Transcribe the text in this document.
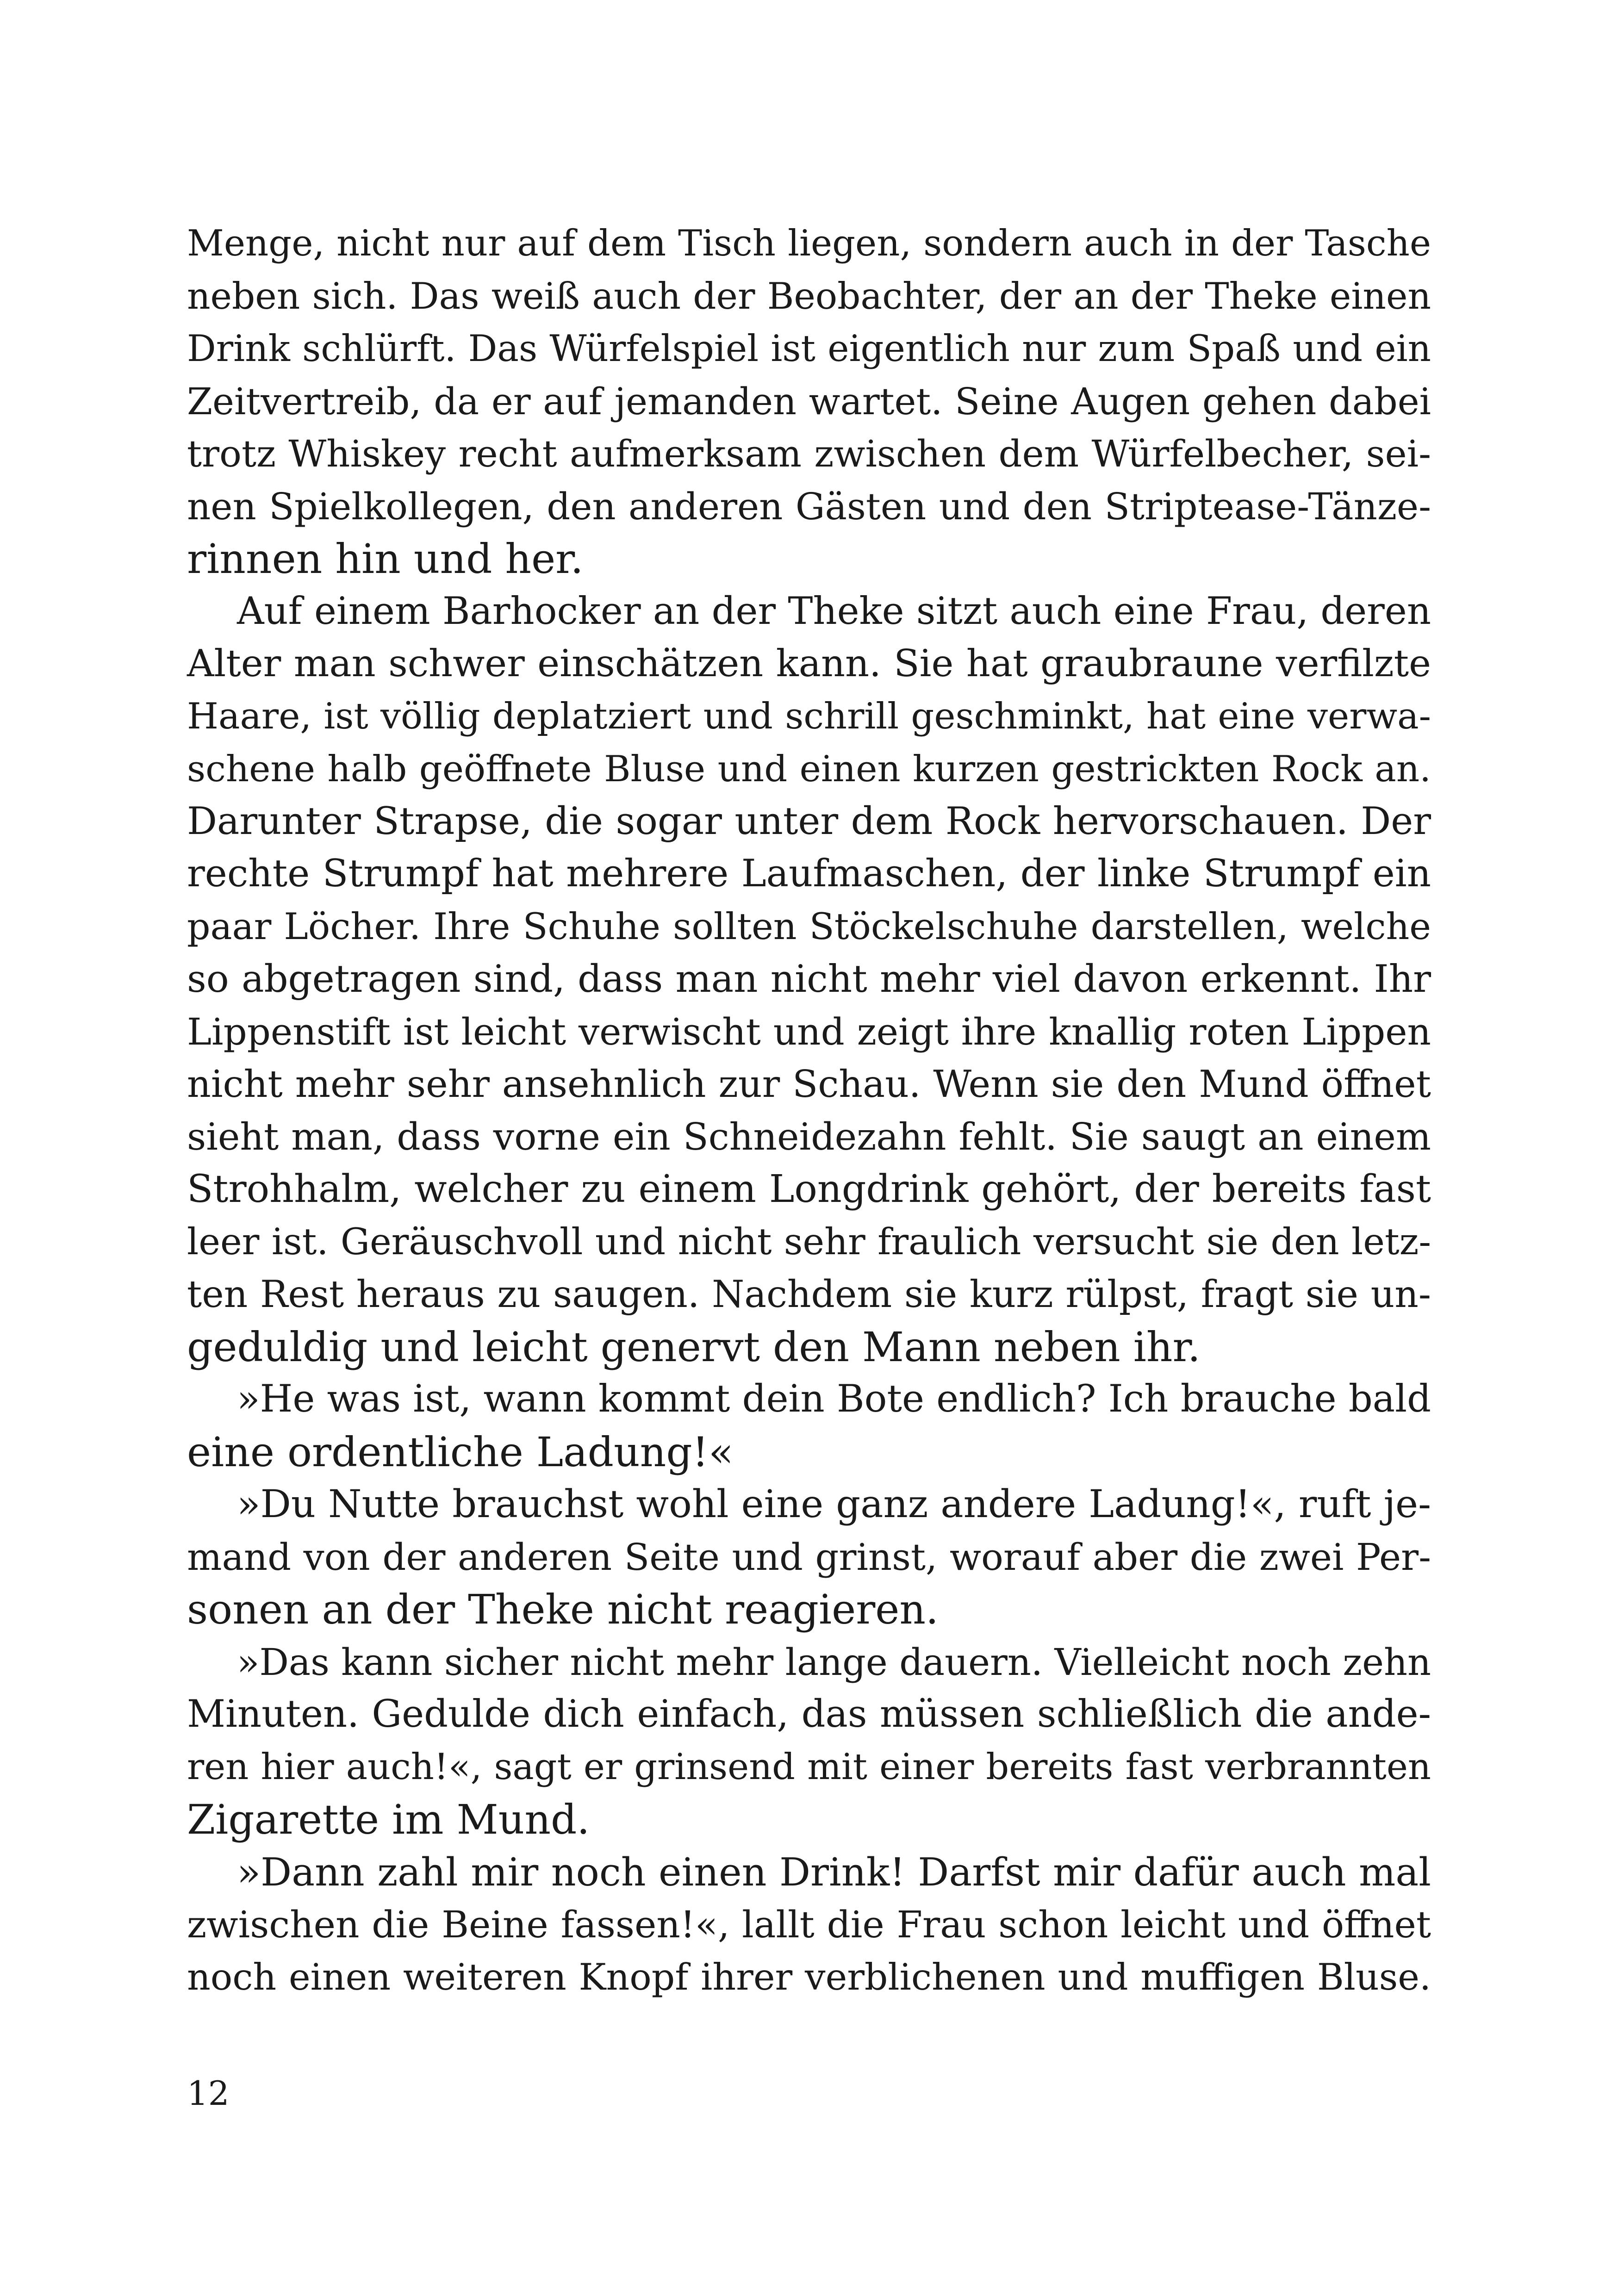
Menge, nicht nur auf dem Tisch liegen, sondern auch in der Tasche
neben sich. Das weiß auch der Beobachter, der an der Theke einen
Drink schlürft. Das Würfelspiel ist eigentlich nur zum Spaß und ein
Zeitvertreib, da er auf jemanden wartet. Seine Augen gehen dabei
trotz Whiskey recht aufmerksam zwischen dem Würfelbecher, sei-
nen Spielkollegen, den anderen Gästen und den Striptease-Tänze-
rinnen hin und her.
Auf einem Barhocker an der Theke sitzt auch eine Frau, deren
Alter man schwer einschätzen kann. Sie hat graubraune verfilzte
Haare, ist völlig deplatziert und schrill geschminkt, hat eine verwa-
schene halb geöffnete Bluse und einen kurzen gestrickten Rock an.
Darunter Strapse, die sogar unter dem Rock hervorschauen. Der
rechte Strumpf hat mehrere Laufmaschen, der linke Strumpf ein
paar Löcher. Ihre Schuhe sollten Stöckelschuhe darstellen, welche
so abgetragen sind, dass man nicht mehr viel davon erkennt. Ihr
Lippenstift ist leicht verwischt und zeigt ihre knallig roten Lippen
nicht mehr sehr ansehnlich zur Schau. Wenn sie den Mund öffnet
sieht man, dass vorne ein Schneidezahn fehlt. Sie saugt an einem
Strohhalm, welcher zu einem Longdrink gehört, der bereits fast
leer ist. Geräuschvoll und nicht sehr fraulich versucht sie den letz-
ten Rest heraus zu saugen. Nachdem sie kurz rülpst, fragt sie un-
geduldig und leicht genervt den Mann neben ihr.
»He was ist, wann kommt dein Bote endlich? Ich brauche bald
eine ordentliche Ladung!«
»Du Nutte brauchst wohl eine ganz andere Ladung!«, ruft je-
mand von der anderen Seite und grinst, worauf aber die zwei Per-
sonen an der Theke nicht reagieren.
»Das kann sicher nicht mehr lange dauern. Vielleicht noch zehn
Minuten. Gedulde dich einfach, das müssen schließlich die ande-
ren hier auch!«, sagt er grinsend mit einer bereits fast verbrannten
Zigarette im Mund.
»Dann zahl mir noch einen Drink! Darfst mir dafür auch mal
zwischen die Beine fassen!«, lallt die Frau schon leicht und öffnet
noch einen weiteren Knopf ihrer verblichenen und muffigen Bluse.
12
